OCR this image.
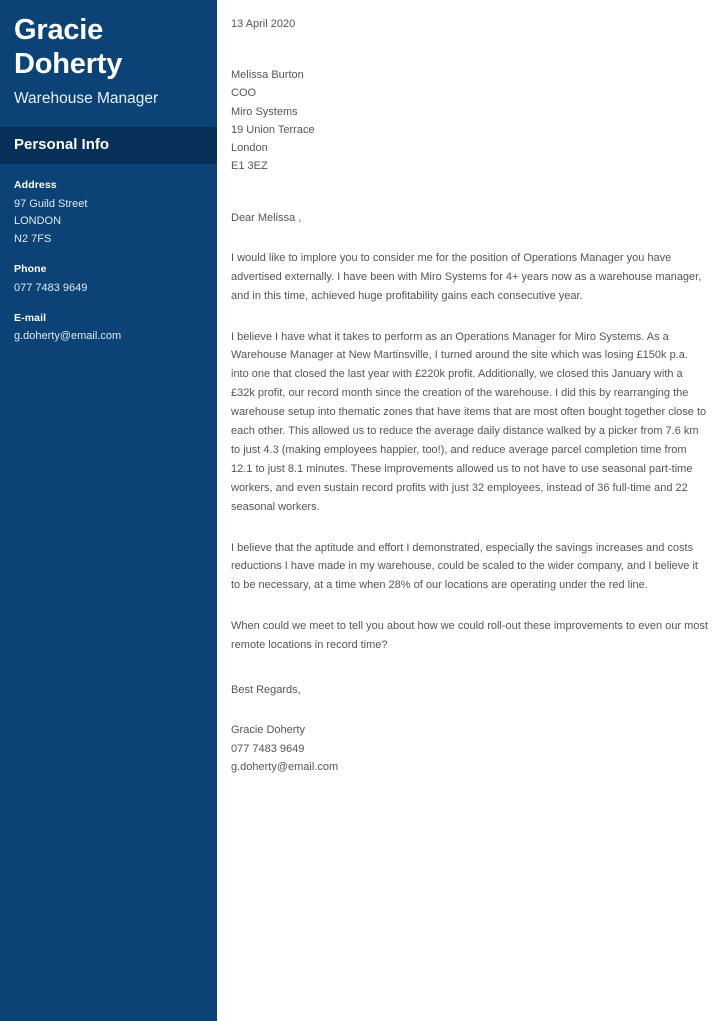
Gracie
Doherty

Warehouse Manager

Personal Info

Address

97 Guild Street

LONDON

N2 7FS

Phone

077 7483 9649

E-mail

g.doherty@email.com

13 April 2020

Melissa Burton

COO

Miro Systems

19 Union Terrace

London

E1 3EZ

Dear Melissa ,

I would like to implore you to consider me for the position of Operations Manager you have advertised externally. I have been with Miro Systems for 4+ years now as a warehouse manager, and in this time, achieved huge profitability gains each consecutive year.

I believe I have what it takes to perform as an Operations Manager for Miro Systems. As a Warehouse Manager at New Martinsville, I turned around the site which was losing £150k p.a. into one that closed the last year with £220k profit. Additionally, we closed this January with a £32k profit, our record month since the creation of the warehouse. I did this by rearranging the warehouse setup into thematic zones that have items that are most often bought together close to each other. This allowed us to reduce the average daily distance walked by a picker from 7.6 km to just 4.3 (making employees happier, too!), and reduce average parcel completion time from 12.1 to just 8.1 minutes. These improvements allowed us to not have to use seasonal part-time workers, and even sustain record profits with just 32 employees, instead of 36 full-time and 22 seasonal workers.

I believe that the aptitude and effort I demonstrated, especially the savings increases and costs reductions I have made in my warehouse, could be scaled to the wider company, and I believe it to be necessary, at a time when 28% of our locations are operating under the red line.

When could we meet to tell you about how we could roll-out these improvements to even our most remote locations in record time?

Best Regards,

Gracie Doherty

077 7483 9649

g.doherty@email.com
